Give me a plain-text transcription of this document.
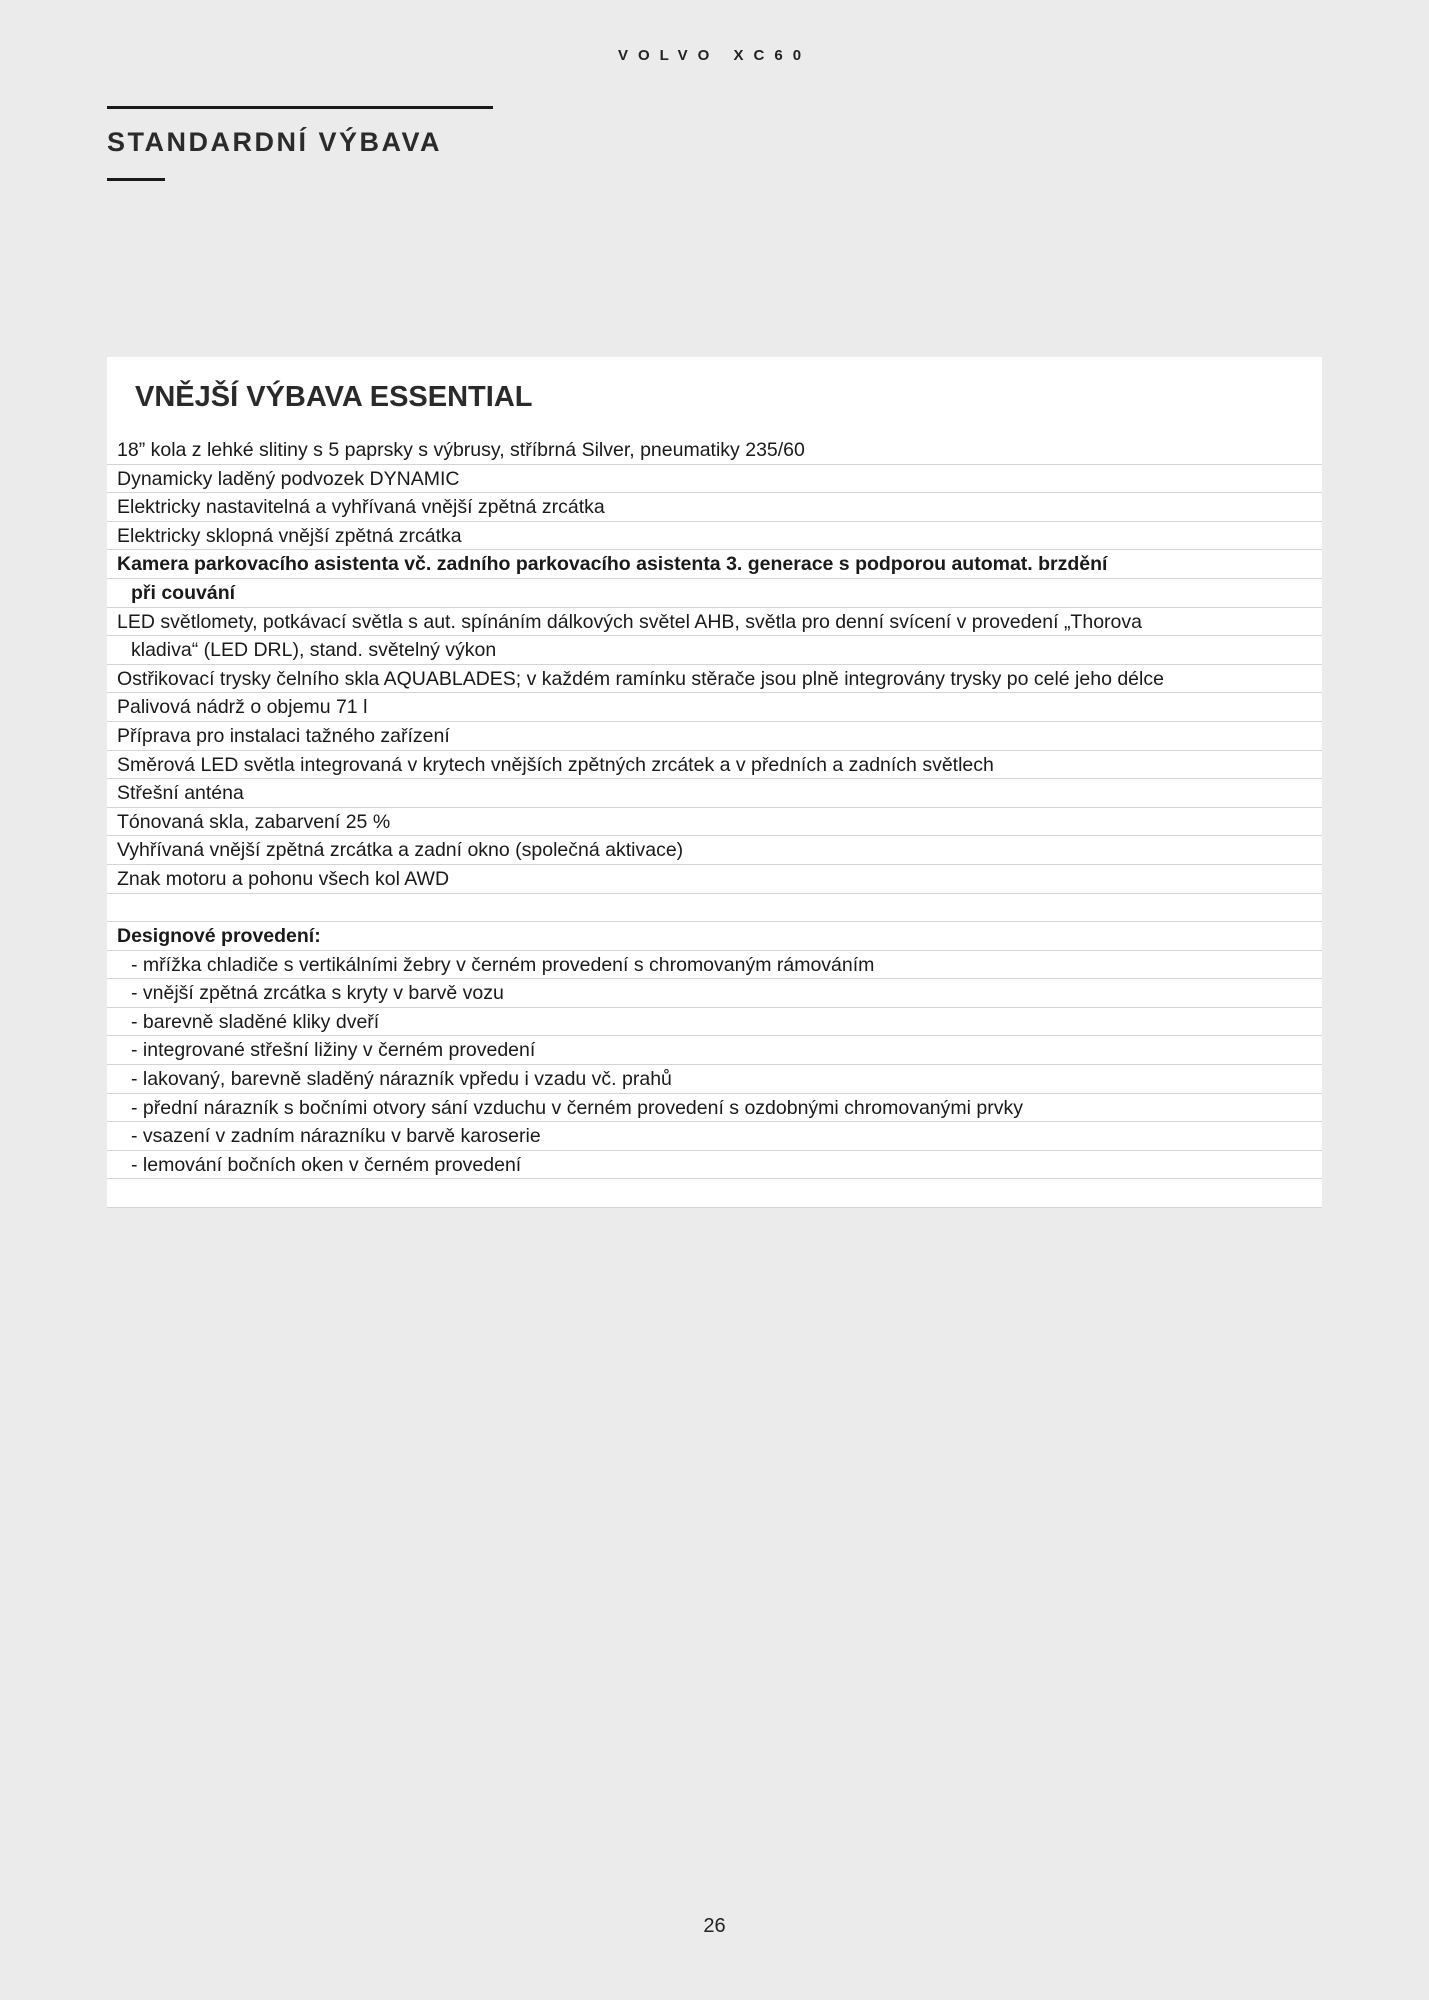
VOLVO XC60
STANDARDNÍ VÝBAVA
VNĚJŠÍ VÝBAVA ESSENTIAL
18” kola z lehké slitiny s 5 paprsky s výbrusy, stříbrná Silver, pneumatiky 235/60
Dynamicky laděný podvozek DYNAMIC
Elektricky nastavitelná a vyhřívaná vnější zpětná zrcátka
Elektricky sklopná vnější zpětná zrcátka
Kamera parkovacího asistenta vč. zadního parkovacího asistenta 3. generace s podporou automat. brzdění
při couvání
LED světlomety, potkávací světla s aut. spínáním dálkových světel AHB, světla pro denní svícení v provedení „Thorova
kladiva“ (LED DRL), stand. světelný výkon
Ostřikovací trysky čelního skla AQUABLADES; v každém ramínku stěrače jsou plně integrovány trysky po celé jeho délce
Palivová nádrž o objemu 71 l
Příprava pro instalaci tažného zařízení
Směrová LED světla integrovaná v krytech vnějších zpětných zrcátek a v předních a zadních světlech
Střešní anténa
Tónovaná skla, zabarvení 25 %
Vyhřívaná vnější zpětná zrcátka a zadní okno (společná aktivace)
Znak motoru a pohonu všech kol AWD
Designové provedení:
- mřížka chladiče s vertikálními žebry v černém provedení s chromovaným rámováním
- vnější zpětná zrcátka s kryty v barvě vozu
- barevně sladěné kliky dveří
- integrované střešní ližiny v černém provedení
- lakovaný, barevně sladěný nárazník vpředu i vzadu vč. prahů
- přední nárazník s bočními otvory sání vzduchu v černém provedení s ozdobnými chromovanými prvky
- vsazení v zadním nárazníku v barvě karoserie
- lemování bočních oken v černém provedení
26
